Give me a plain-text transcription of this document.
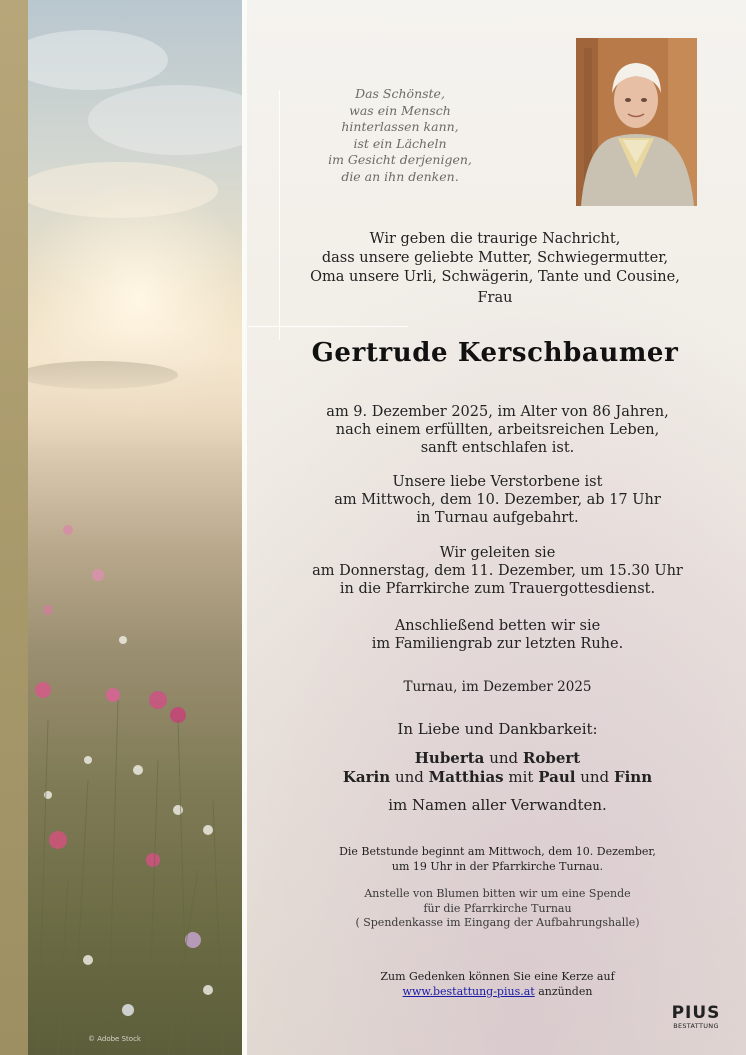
© Adobe Stock
Das Schönste,
was ein Mensch
hinterlassen kann,
ist ein Lächeln
im Gesicht derjenigen,
die an ihn denken.
Wir geben die traurige Nachricht,
dass unsere geliebte Mutter, Schwiegermutter,
Oma unsere Urli, Schwägerin, Tante und Cousine,
Frau
Gertrude Kerschbaumer
am 9. Dezember 2025, im Alter von 86 Jahren,
nach einem erfüllten, arbeitsreichen Leben,
sanft entschlafen ist.
Unsere liebe Verstorbene ist
am Mittwoch, dem 10. Dezember, ab 17 Uhr
in Turnau aufgebahrt.
Wir geleiten sie
am Donnerstag, dem 11. Dezember, um 15.30 Uhr
in die Pfarrkirche zum Trauergottesdienst.
Anschließend betten wir sie
im Familiengrab zur letzten Ruhe.
Turnau, im Dezember 2025
In Liebe und Dankbarkeit:
Huberta und Robert
Karin und Matthias mit Paul und Finn
im Namen aller Verwandten.
Die Betstunde beginnt am Mittwoch, dem 10. Dezember,
um 19 Uhr in der Pfarrkirche Turnau.
Anstelle von Blumen bitten wir um eine Spende
für die Pfarrkirche Turnau
( Spendenkasse im Eingang der Aufbahrungshalle)
Zum Gedenken können Sie eine Kerze auf
www.bestattung-pius.at anzünden
PIUS
BESTATTUNG
